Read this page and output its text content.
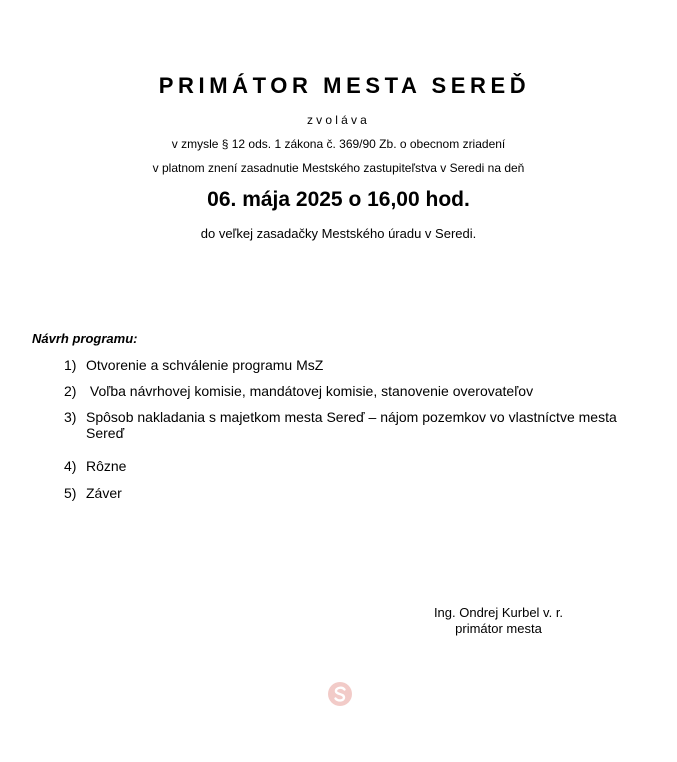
PRIMÁTOR MESTA SEREĎ
zvoláva
v zmysle § 12 ods. 1 zákona č. 369/90 Zb. o obecnom zriadení
v platnom znení zasadnutie Mestského zastupiteľstva v Seredi na deň
06. mája 2025 o 16,00 hod.
do veľkej zasadačky Mestského úradu v Seredi.
Návrh programu:
1) Otvorenie a schválenie programu MsZ
2) Voľba návrhovej komisie, mandátovej komisie, stanovenie overovateľov
3) Spôsob nakladania s majetkom mesta Sereď – nájom pozemkov vo vlastníctve mesta Sereď
4) Rôzne
5) Záver
Ing. Ondrej Kurbel v. r.
primátor mesta
